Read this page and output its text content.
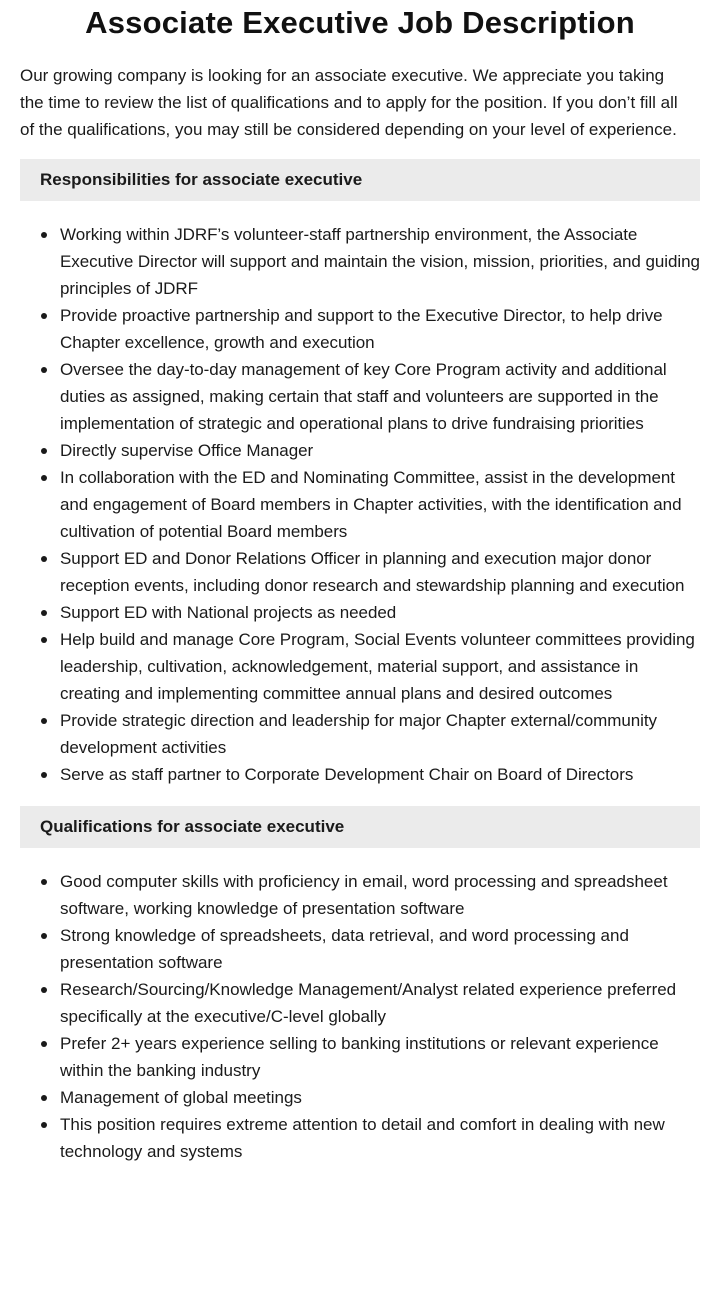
Associate Executive Job Description

Our growing company is looking for an associate executive. We appreciate you taking the time to review the list of qualifications and to apply for the position. If you don’t fill all of the qualifications, you may still be considered depending on your level of experience.

Responsibilities for associate executive
Working within JDRF’s volunteer-staff partnership environment, the Associate Executive Director will support and maintain the vision, mission, priorities, and guiding principles of JDRF
Provide proactive partnership and support to the Executive Director, to help drive Chapter excellence, growth and execution
Oversee the day-to-day management of key Core Program activity and additional duties as assigned, making certain that staff and volunteers are supported in the implementation of strategic and operational plans to drive fundraising priorities
Directly supervise Office Manager
In collaboration with the ED and Nominating Committee, assist in the development and engagement of Board members in Chapter activities, with the identification and cultivation of potential Board members
Support ED and Donor Relations Officer in planning and execution major donor reception events, including donor research and stewardship planning and execution
Support ED with National projects as needed
Help build and manage Core Program, Social Events volunteer committees providing leadership, cultivation, acknowledgement, material support, and assistance in creating and implementing committee annual plans and desired outcomes
Provide strategic direction and leadership for major Chapter external/community development activities
Serve as staff partner to Corporate Development Chair on Board of Directors
Qualifications for associate executive
Good computer skills with proficiency in email, word processing and spreadsheet software, working knowledge of presentation software
Strong knowledge of spreadsheets, data retrieval, and word processing and presentation software
Research/Sourcing/Knowledge Management/Analyst related experience preferred specifically at the executive/C-level globally
Prefer 2+ years experience selling to banking institutions or relevant experience within the banking industry
Management of global meetings
This position requires extreme attention to detail and comfort in dealing with new technology and systems
